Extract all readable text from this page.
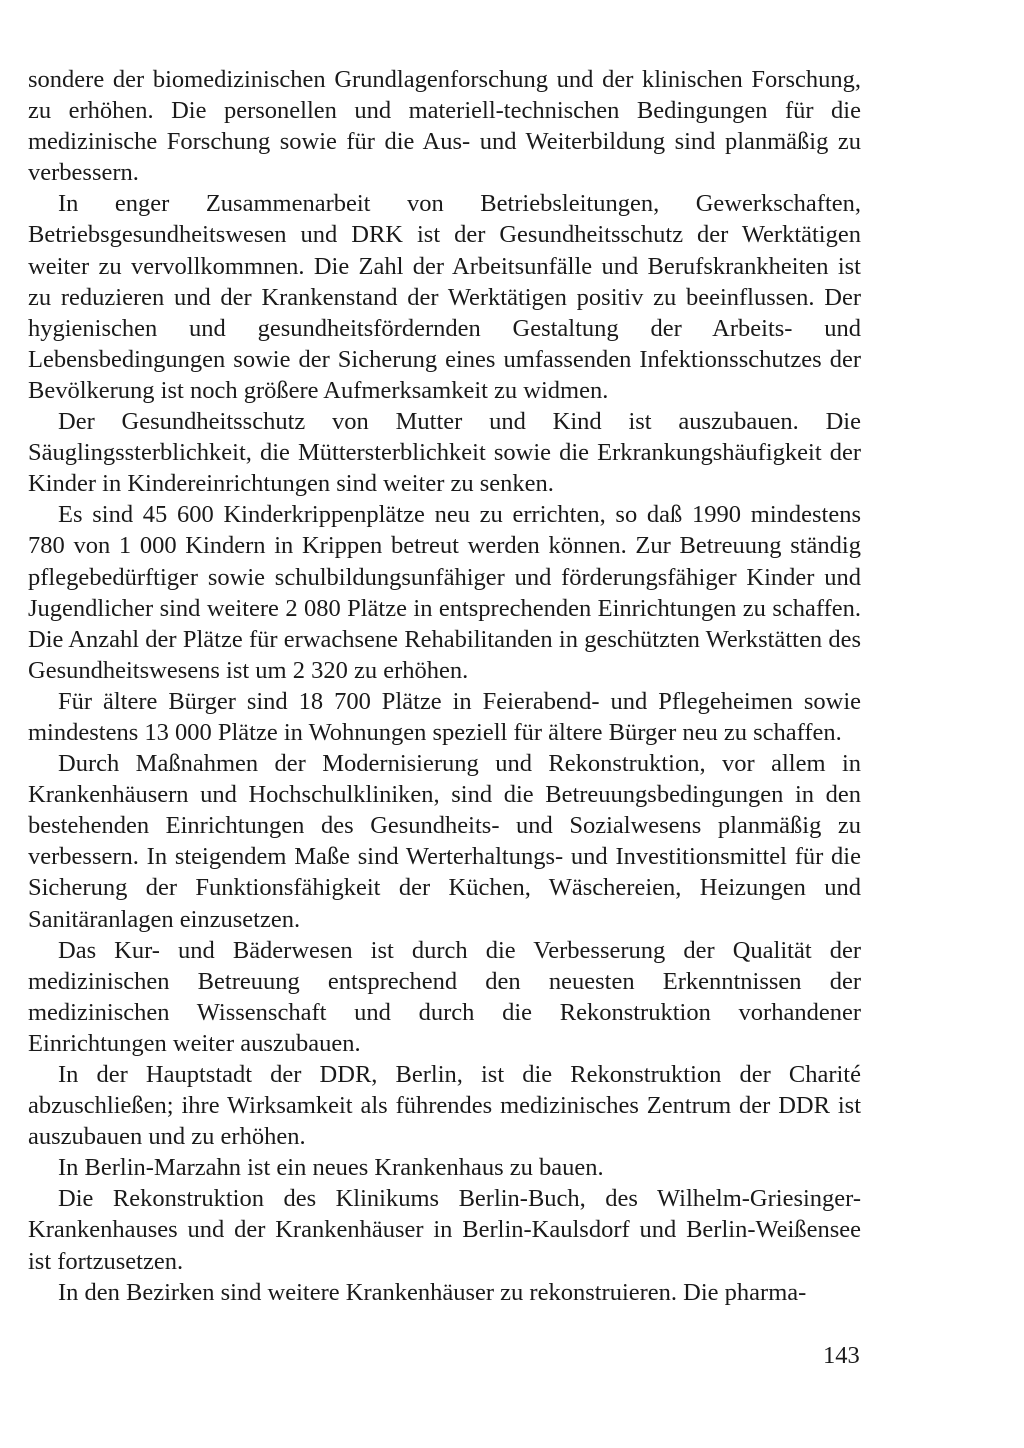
sondere der biomedizinischen Grundlagenforschung und der klinischen Forschung, zu erhöhen. Die personellen und materiell-technischen Bedingungen für die medizinische Forschung sowie für die Aus- und Weiterbildung sind planmäßig zu verbessern.

In enger Zusammenarbeit von Betriebsleitungen, Gewerkschaften, Betriebsgesundheitswesen und DRK ist der Gesundheitsschutz der Werktätigen weiter zu vervollkommnen. Die Zahl der Arbeitsunfälle und Berufskrankheiten ist zu reduzieren und der Krankenstand der Werktätigen positiv zu beeinflussen. Der hygienischen und gesundheitsfördernden Gestaltung der Arbeits- und Lebensbedingungen sowie der Sicherung eines umfassenden Infektionsschutzes der Bevölkerung ist noch größere Aufmerksamkeit zu widmen.

Der Gesundheitsschutz von Mutter und Kind ist auszubauen. Die Säuglingssterblichkeit, die Müttersterblichkeit sowie die Erkrankungshäufigkeit der Kinder in Kindereinrichtungen sind weiter zu senken.

Es sind 45 600 Kinderkrippenplätze neu zu errichten, so daß 1990 mindestens 780 von 1 000 Kindern in Krippen betreut werden können. Zur Betreuung ständig pflegebedürftiger sowie schulbildungsunfähiger und förderungsfähiger Kinder und Jugendlicher sind weitere 2 080 Plätze in entsprechenden Einrichtungen zu schaffen. Die Anzahl der Plätze für erwachsene Rehabilitanden in geschützten Werkstätten des Gesundheitswesens ist um 2 320 zu erhöhen.

Für ältere Bürger sind 18 700 Plätze in Feierabend- und Pflegeheimen sowie mindestens 13 000 Plätze in Wohnungen speziell für ältere Bürger neu zu schaffen.

Durch Maßnahmen der Modernisierung und Rekonstruktion, vor allem in Krankenhäusern und Hochschulkliniken, sind die Betreuungsbedingungen in den bestehenden Einrichtungen des Gesundheits- und Sozialwesens planmäßig zu verbessern. In steigendem Maße sind Werterhaltungs- und Investitionsmittel für die Sicherung der Funktionsfähigkeit der Küchen, Wäschereien, Heizungen und Sanitäranlagen einzusetzen.

Das Kur- und Bäderwesen ist durch die Verbesserung der Qualität der medizinischen Betreuung entsprechend den neuesten Erkenntnissen der medizinischen Wissenschaft und durch die Rekonstruktion vorhandener Einrichtungen weiter auszubauen.

In der Hauptstadt der DDR, Berlin, ist die Rekonstruktion der Charité abzuschließen; ihre Wirksamkeit als führendes medizinisches Zentrum der DDR ist auszubauen und zu erhöhen.

In Berlin-Marzahn ist ein neues Krankenhaus zu bauen.

Die Rekonstruktion des Klinikums Berlin-Buch, des Wilhelm-Griesinger-Krankenhauses und der Krankenhäuser in Berlin-Kaulsdorf und Berlin-Weißensee ist fortzusetzen.

In den Bezirken sind weitere Krankenhäuser zu rekonstruieren. Die pharma-

143
